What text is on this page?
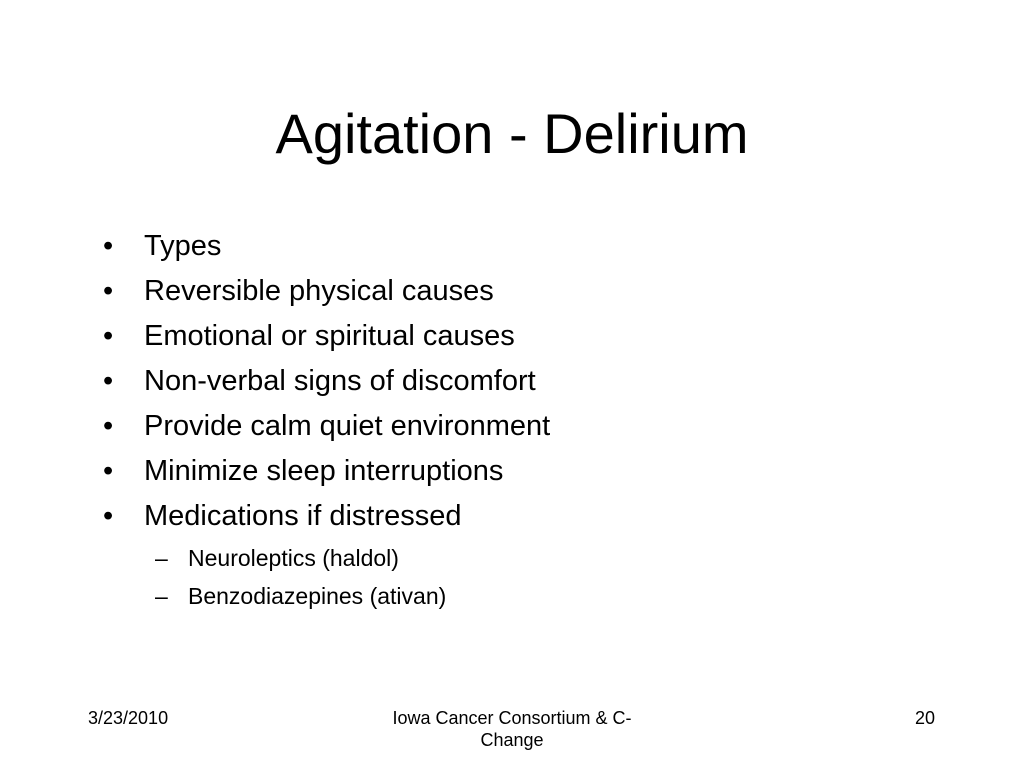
Agitation - Delirium
• Types
• Reversible physical causes
• Emotional or spiritual causes
• Non-verbal signs of discomfort
• Provide calm quiet environment
• Minimize sleep interruptions
• Medications if distressed
– Neuroleptics (haldol)
– Benzodiazepines (ativan)
3/23/2010	Iowa Cancer Consortium & C-
Change
20
